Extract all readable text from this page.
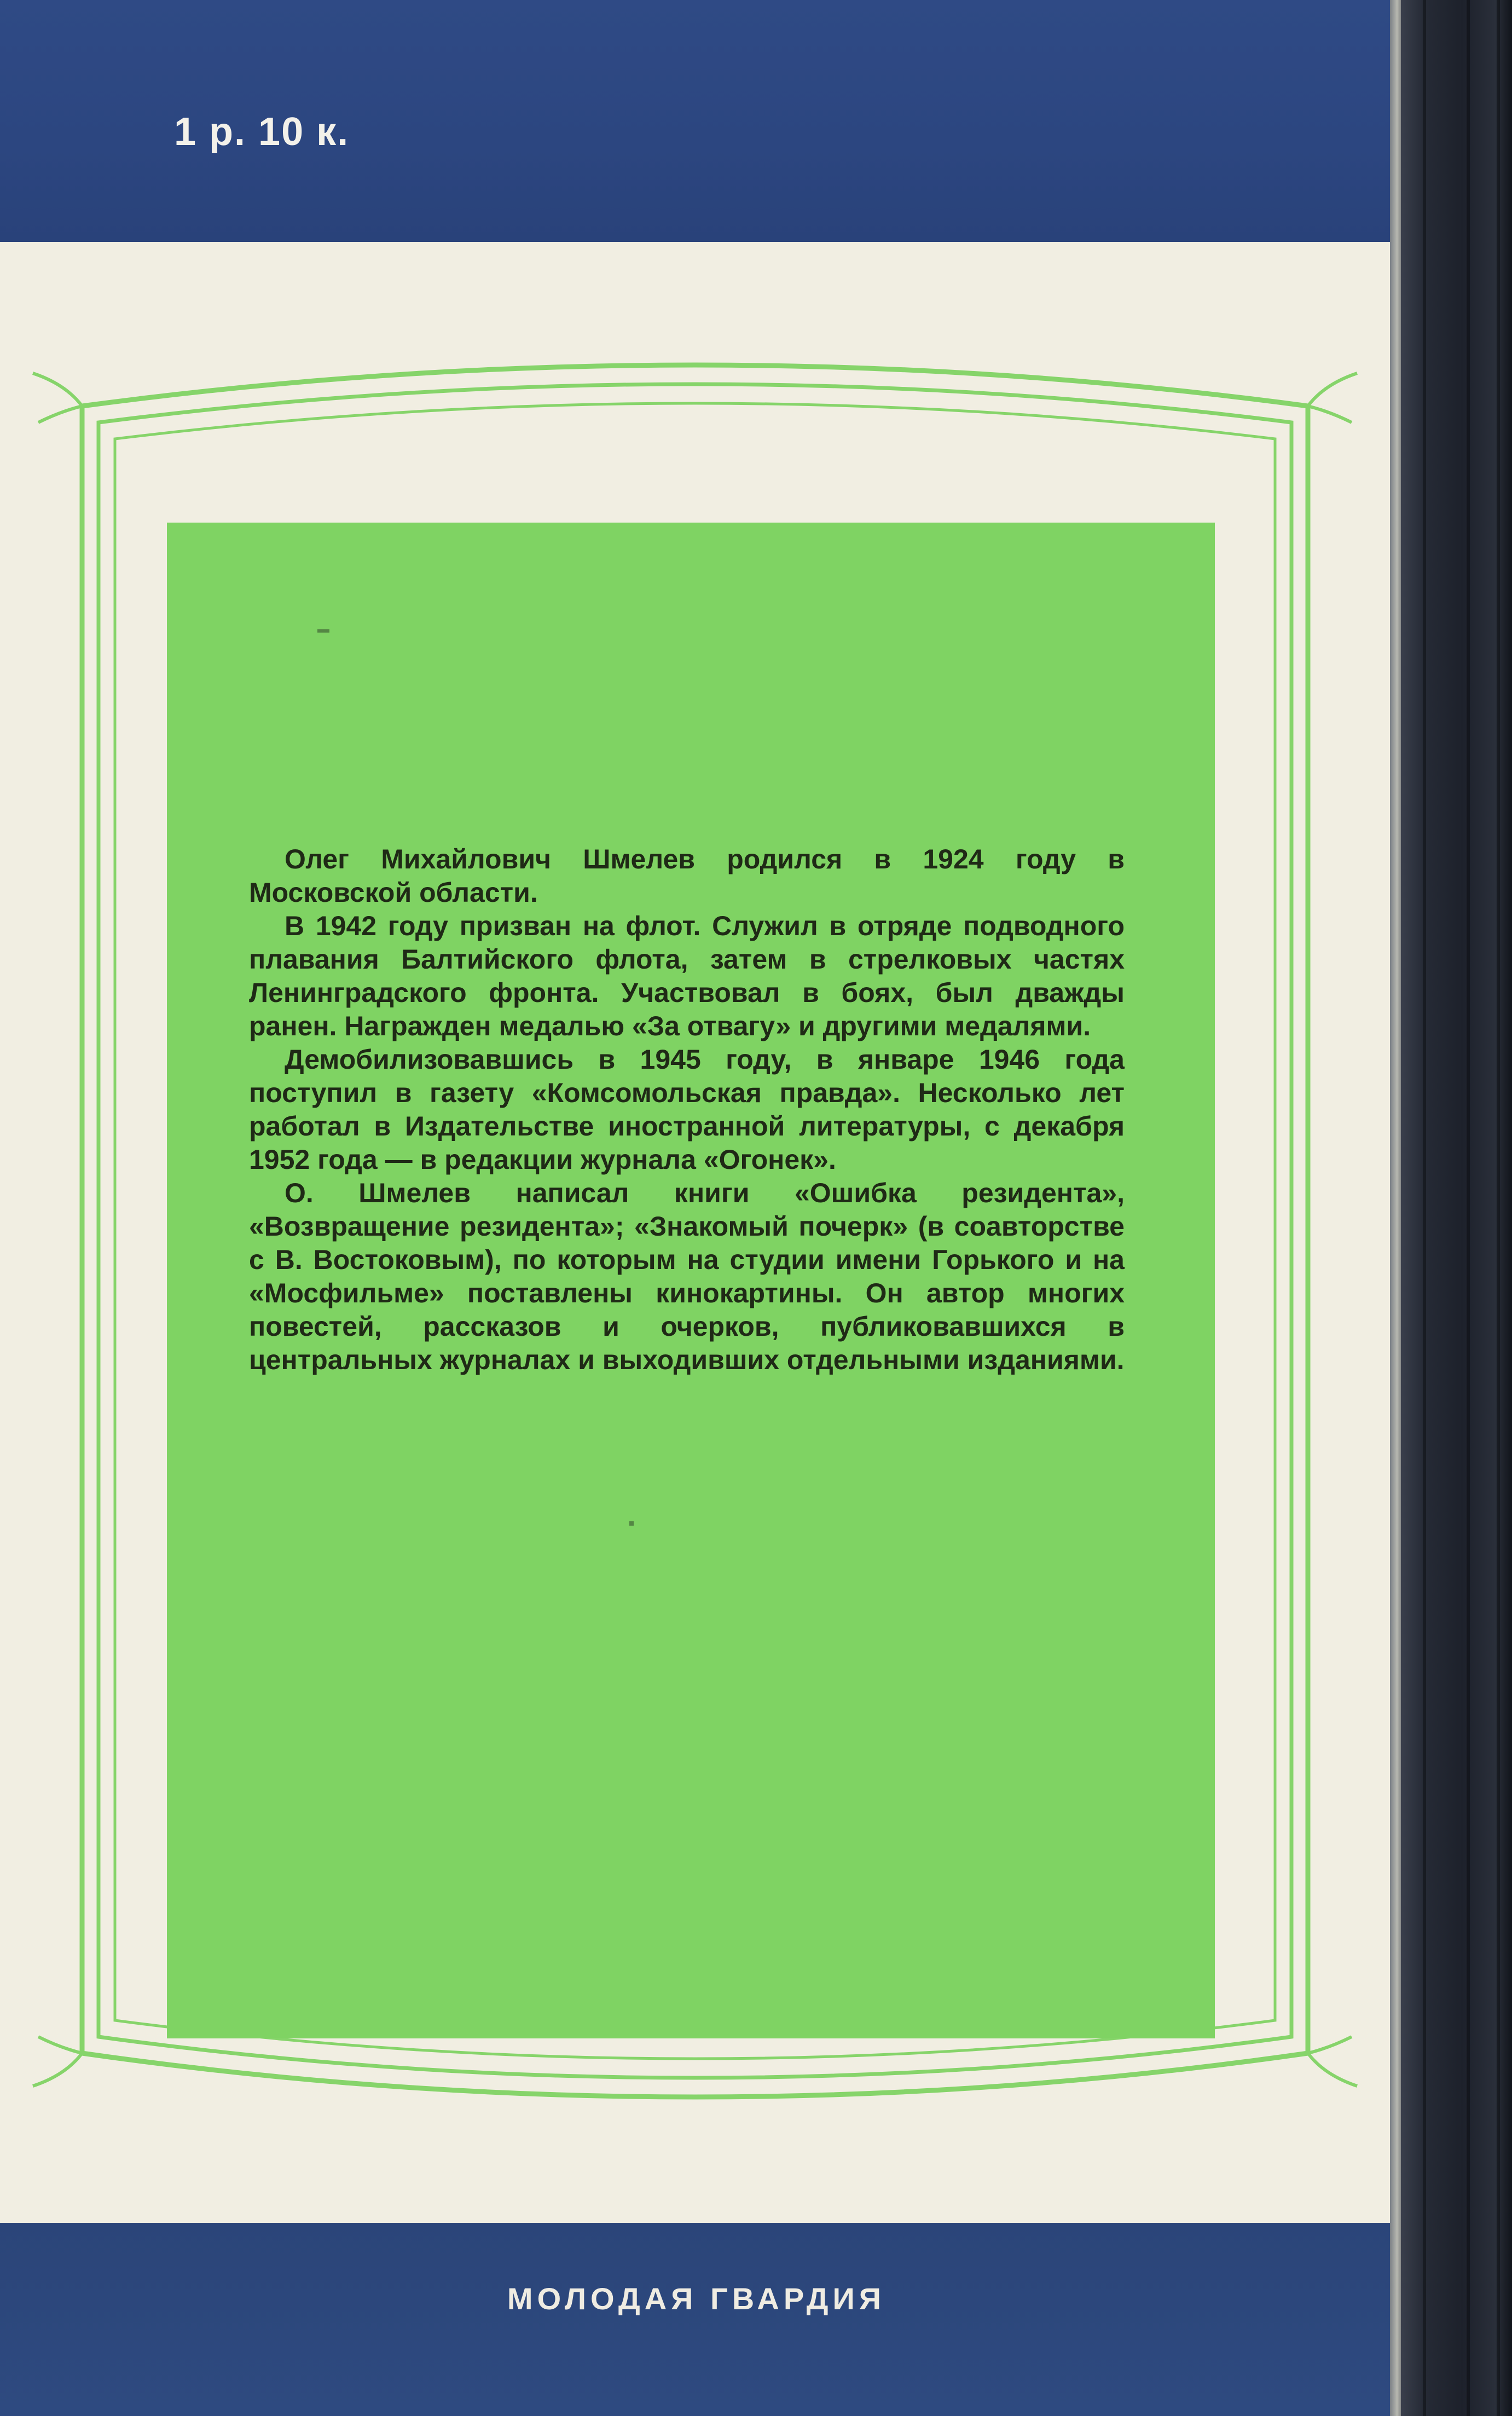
1 р. 10 к.

Олег Михайлович Шмелев родился в 1924 году в Московской области.

В 1942 году призван на флот. Служил в отряде подводного плавания Балтийского флота, затем в стрелковых частях Ленинградского фронта. Участвовал в боях, был дважды ранен. Награжден медалью «За отвагу» и другими медалями.

Демобилизовавшись в 1945 году, в январе 1946 года поступил в газету «Комсомольская правда». Несколько лет работал в Издательстве иностранной литературы, с декабря 1952 года — в редакции журнала «Огонек».

О. Шмелев написал книги «Ошибка резидента», «Возвращение резидента»; «Знакомый почерк» (в соавторстве с В. Востоковым), по которым на студии имени Горького и на «Мосфильме» поставлены кинокартины. Он автор многих повестей, рассказов и очерков, публиковавшихся в центральных журналах и выходивших отдельными изданиями.

МОЛОДАЯ ГВАРДИЯ
